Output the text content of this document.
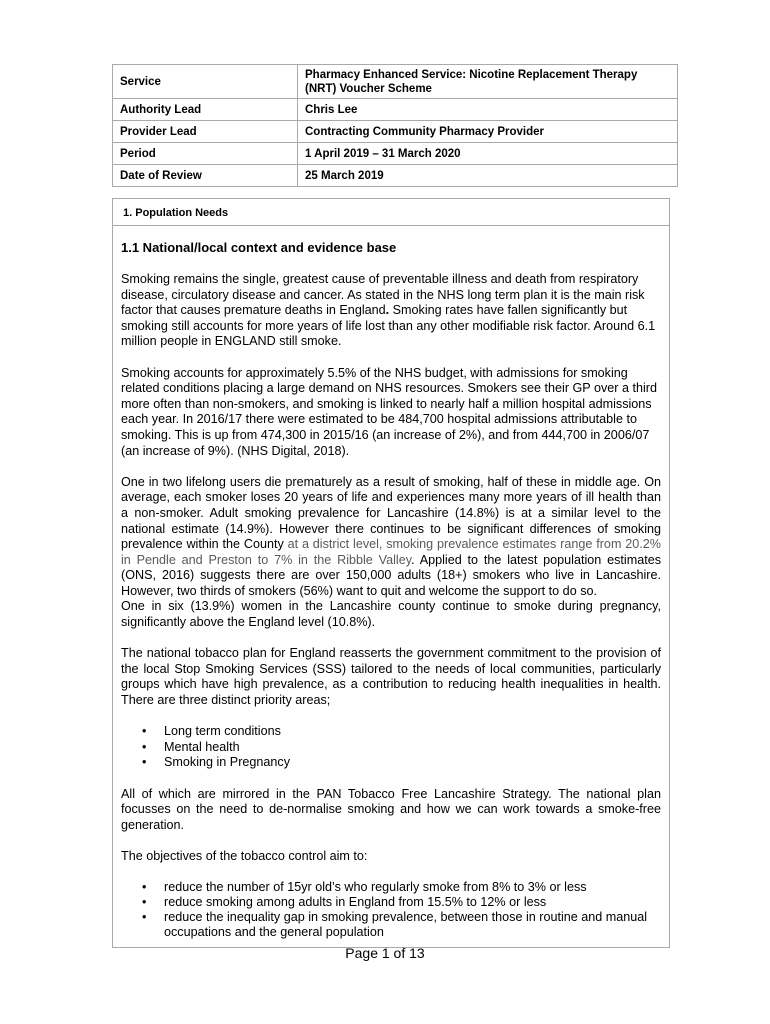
Service	Pharmacy Enhanced Service: Nicotine Replacement Therapy (NRT) Voucher Scheme
Authority Lead	Chris Lee
Provider Lead	Contracting Community Pharmacy Provider
Period	1 April 2019 – 31 March 2020
Date of Review	25 March 2019
1. Population Needs
1.1 National/local context and evidence base

Smoking remains the single, greatest cause of preventable illness and death from respiratory disease, circulatory disease and cancer. As stated in the NHS long term plan it is the main risk factor that causes premature deaths in England. Smoking rates have fallen significantly but smoking still accounts for more years of life lost than any other modifiable risk factor. Around 6.1 million people in ENGLAND still smoke.

Smoking accounts for approximately 5.5% of the NHS budget, with admissions for smoking related conditions placing a large demand on NHS resources. Smokers see their GP over a third more often than non-smokers, and smoking is linked to nearly half a million hospital admissions each year. In 2016/17 there were estimated to be 484,700 hospital admissions attributable to smoking. This is up from 474,300 in 2015/16 (an increase of 2%), and from 444,700 in 2006/07 (an increase of 9%). (NHS Digital, 2018).

One in two lifelong users die prematurely as a result of smoking, half of these in middle age. On average, each smoker loses 20 years of life and experiences many more years of ill health than a non-smoker. Adult smoking prevalence for Lancashire (14.8%) is at a similar level to the national estimate (14.9%). However there continues to be significant differences of smoking prevalence within the County at a district level, smoking prevalence estimates range from 20.2% in Pendle and Preston to 7% in the Ribble Valley. Applied to the latest population estimates (ONS, 2016) suggests there are over 150,000 adults (18+) smokers who live in Lancashire. However, two thirds of smokers (56%) want to quit and welcome the support to do so.

One in six (13.9%) women in the Lancashire county continue to smoke during pregnancy, significantly above the England level (10.8%).

The national tobacco plan for England reasserts the government commitment to the provision of the local Stop Smoking Services (SSS) tailored to the needs of local communities, particularly groups which have high prevalence, as a contribution to reducing health inequalities in health. There are three distinct priority areas;

• Long term conditions
• Mental health
• Smoking in Pregnancy

All of which are mirrored in the PAN Tobacco Free Lancashire Strategy. The national plan focusses on the need to de-normalise smoking and how we can work towards a smoke-free generation.

The objectives of the tobacco control aim to:

• reduce the number of 15yr old’s who regularly smoke from 8% to 3% or less
• reduce smoking among adults in England from 15.5% to 12% or less
• reduce the inequality gap in smoking prevalence, between those in routine and manual occupations and the general population
Page 1 of 13
